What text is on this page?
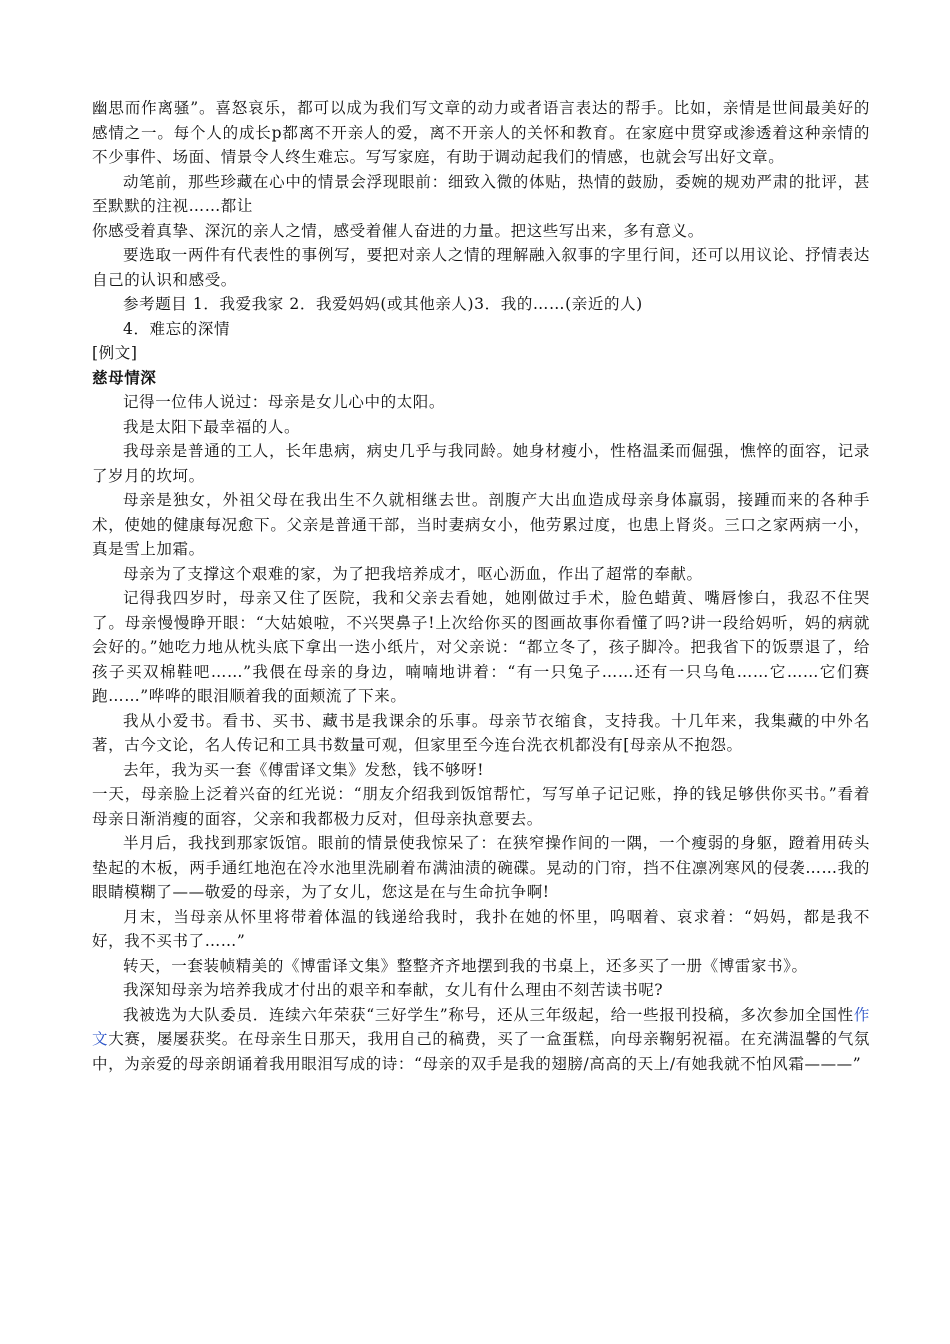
幽思而作离骚”。喜怒哀乐，都可以成为我们写文章的动力或者语言表达的帮手。比如，亲情是世间最美好的感情之一。每个人的成长p都离不开亲人的爱，离不开亲人的关怀和教育。在家庭中贯穿或渗透着这种亲情的不少事件、场面、情景令人终生难忘。写写家庭，有助于调动起我们的情感，也就会写出好文章。

动笔前，那些珍藏在心中的情景会浮现眼前：细致入微的体贴，热情的鼓励，委婉的规劝严肃的批评，甚至默默的注视……都让

你感受着真挚、深沉的亲人之情，感受着催人奋进的力量。把这些写出来，多有意义。

要选取一两件有代表性的事例写，要把对亲人之情的理解融入叙事的字里行间，还可以用议论、抒情表达自己的认识和感受。

参考题目 1．我爱我家 2．我爱妈妈(或其他亲人)3．我的……(亲近的人)

4．难忘的深情

[例文]

慈母情深

记得一位伟人说过：母亲是女儿心中的太阳。

我是太阳下最幸福的人。

我母亲是普通的工人，长年患病，病史几乎与我同龄。她身材瘦小，性格温柔而倔强，憔悴的面容，记录了岁月的坎坷。

母亲是独女，外祖父母在我出生不久就相继去世。剖腹产大出血造成母亲身体羸弱，接踵而来的各种手术，使她的健康每况愈下。父亲是普通干部，当时妻病女小，他劳累过度，也患上肾炎。三口之家两病一小，真是雪上加霜。

母亲为了支撑这个艰难的家，为了把我培养成才，呕心沥血，作出了超常的奉献。

记得我四岁时，母亲又住了医院，我和父亲去看她，她刚做过手术，脸色蜡黄、嘴唇惨白，我忍不住哭了。母亲慢慢睁开眼：“大姑娘啦，不兴哭鼻子!上次给你买的图画故事你看懂了吗?讲一段给妈听，妈的病就会好的。”她吃力地从枕头底下拿出一迭小纸片，对父亲说：“都立冬了，孩子脚冷。把我省下的饭票退了，给孩子买双棉鞋吧……”我偎在母亲的身边，喃喃地讲着：“有一只兔子……还有一只乌龟……它……它们赛跑……”哗哗的眼泪顺着我的面颊流了下来。

我从小爱书。看书、买书、藏书是我课余的乐事。母亲节衣缩食，支持我。十几年来，我集藏的中外名著，古今文论，名人传记和工具书数量可观，但家里至今连台洗衣机都没有[母亲从不抱怨。

去年，我为买一套《傅雷译文集》发愁，钱不够呀!

一天，母亲脸上泛着兴奋的红光说：“朋友介绍我到饭馆帮忙，写写单子记记账，挣的钱足够供你买书。”看着母亲日渐消瘦的面容，父亲和我都极力反对，但母亲执意要去。

半月后，我找到那家饭馆。眼前的情景使我惊呆了：在狭窄操作间的一隅，一个瘦弱的身躯，蹬着用砖头垫起的木板，两手通红地泡在冷水池里洗刷着布满油渍的碗碟。晃动的门帘，挡不住凛冽寒风的侵袭……我的眼睛模糊了——敬爱的母亲，为了女儿，您这是在与生命抗争啊!

月末，当母亲从怀里将带着体温的钱递给我时，我扑在她的怀里，呜咽着、哀求着：“妈妈，都是我不好，我不买书了……”

转天，一套装帧精美的《博雷译文集》整整齐齐地摆到我的书桌上，还多买了一册《博雷家书》。

我深知母亲为培养我成才付出的艰辛和奉献，女儿有什么理由不刻苦读书呢?

我被选为大队委员．连续六年荣获“三好学生”称号，还从三年级起，给一些报刊投稿，多次参加全国性作文大赛，屡屡获奖。在母亲生日那天，我用自己的稿费，买了一盒蛋糕，向母亲鞠躬祝福。在充满温馨的气氛中，为亲爱的母亲朗诵着我用眼泪写成的诗：“母亲的双手是我的翅膀/高高的天上/有她我就不怕风霜———”
